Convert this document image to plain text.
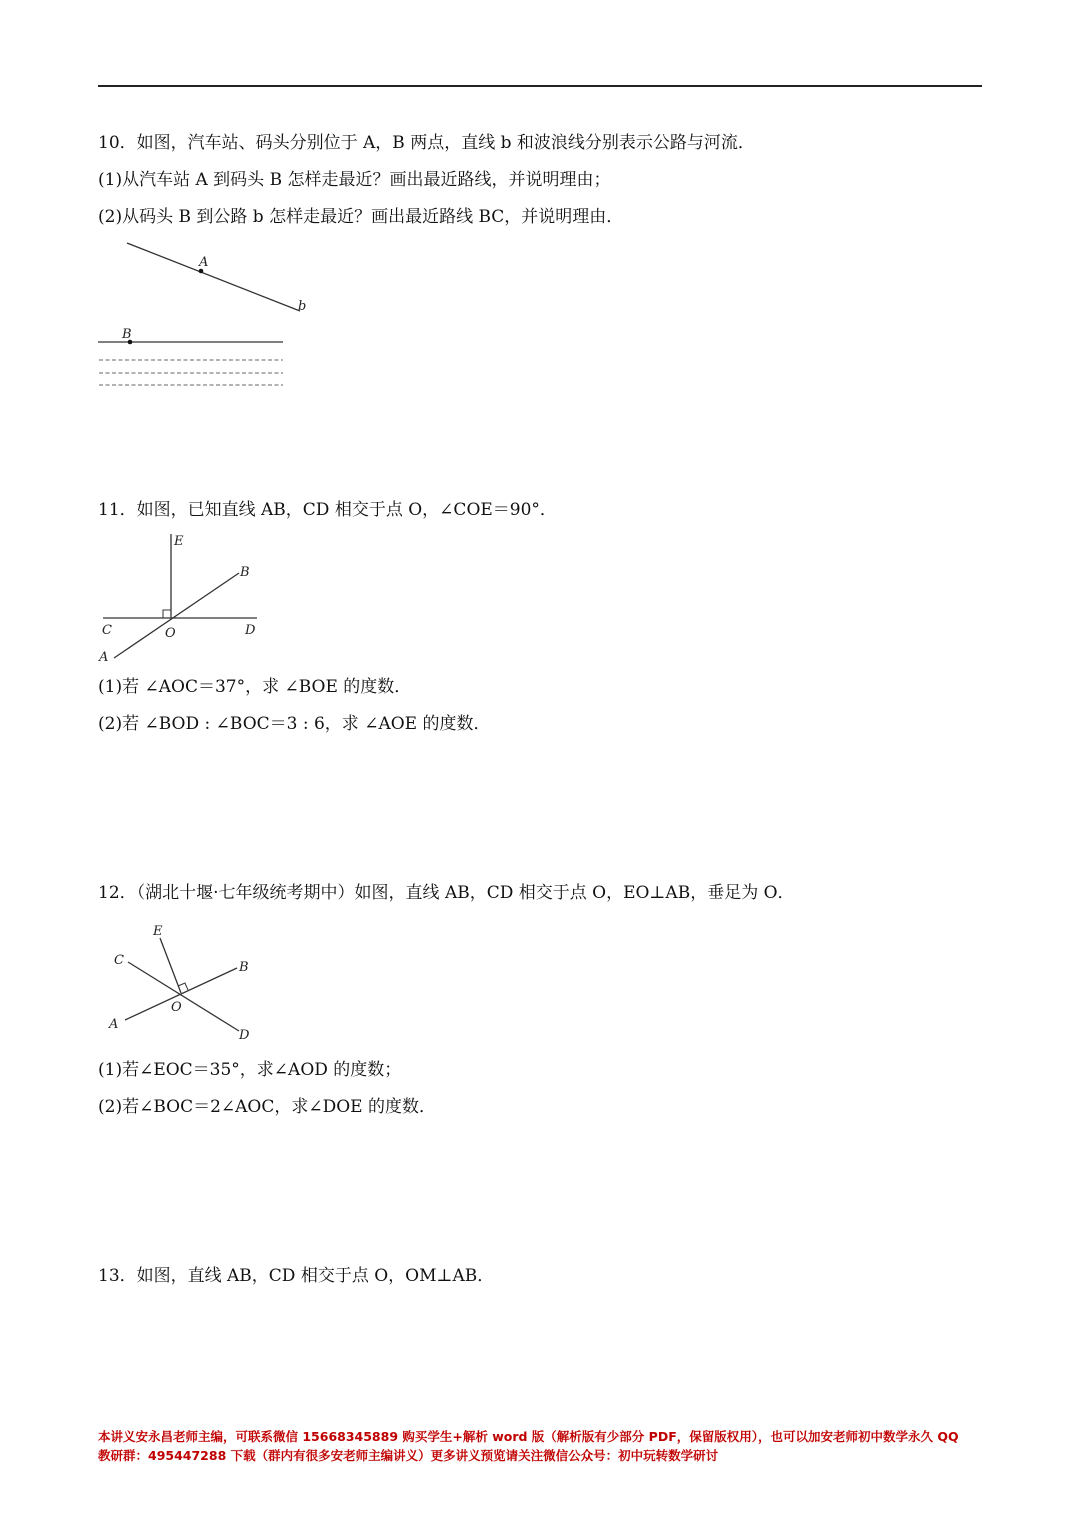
10．如图，汽车站、码头分别位于 A，B 两点，直线 b 和波浪线分别表示公路与河流．
(1)从汽车站 A 到码头 B 怎样走最近？画出最近路线，并说明理由；
(2)从码头 B 到公路 b 怎样走最近？画出最近路线 BC，并说明理由．
A
b
B
11．如图，已知直线 AB，CD 相交于点 O，∠COE＝90°．
E
B
C	O	D
A
(1)若 ∠AOC＝37°，求 ∠BOE 的度数．
(2)若 ∠BOD : ∠BOC＝3 : 6，求 ∠AOE 的度数．
12．（湖北十堰·七年级统考期中）如图，直线 AB，CD 相交于点 O，EO⊥AB，垂足为 O．
E
C	B
O
A
D
(1)若∠EOC＝35°，求∠AOD 的度数；
(2)若∠BOC＝2∠AOC，求∠DOE 的度数．
13．如图，直线 AB，CD 相交于点 O，OM⊥AB．
本讲义安永昌老师主编，可联系微信 15668345889 购买学生+解析 word 版（解析版有少部分 PDF，保留版权用），也可以加安老师初中数学永久 QQ
教研群：495447288 下载（群内有很多安老师主编讲义）更多讲义预览请关注微信公众号：初中玩转数学研讨
